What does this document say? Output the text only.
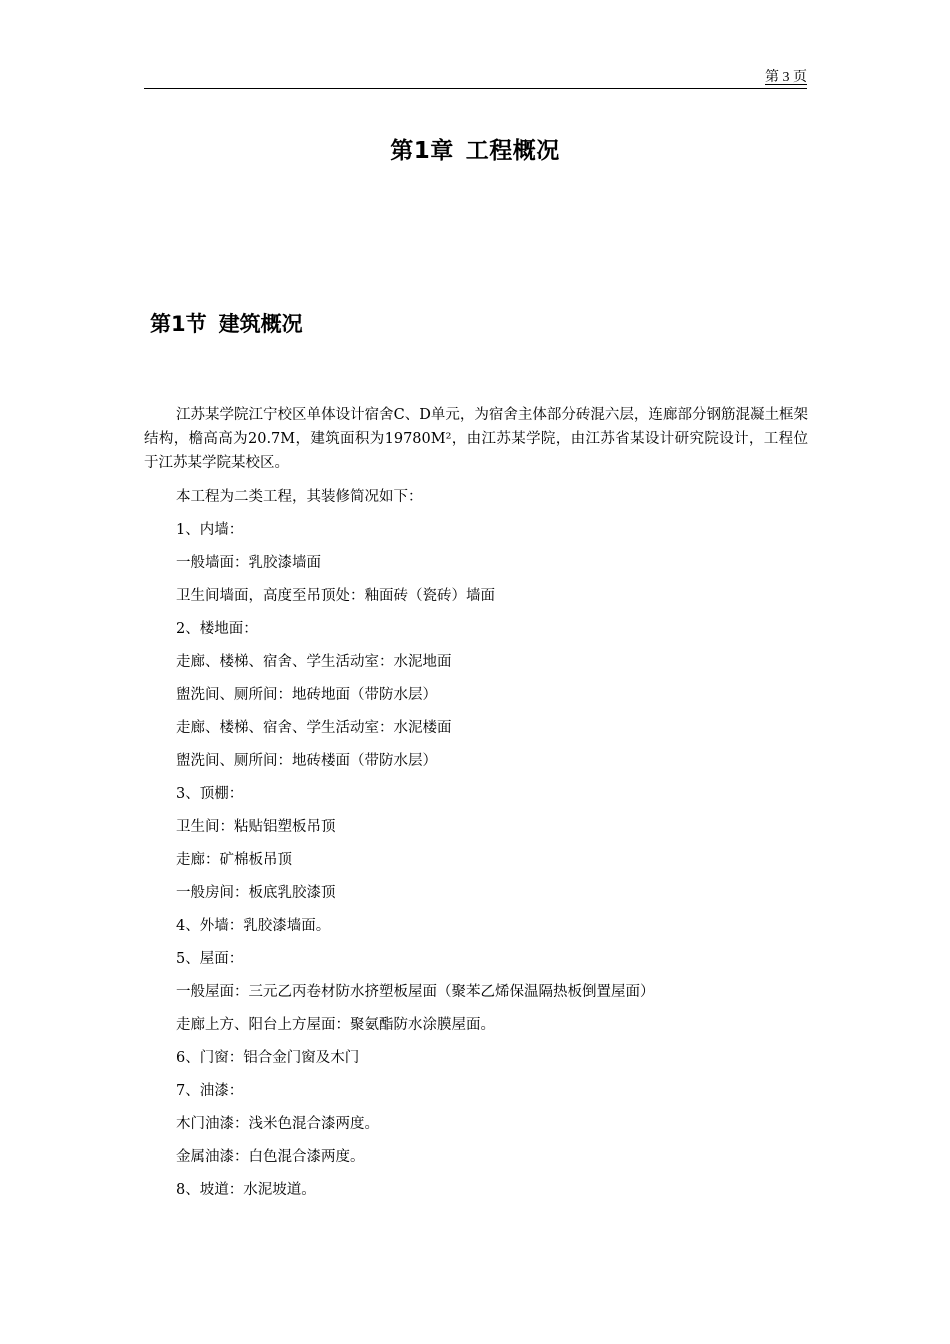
第 3 页
第1章 工程概况
第1节 建筑概况

江苏某学院江宁校区单体设计宿舍C、D单元，为宿舍主体部分砖混六层，连廊部分钢筋混凝土框架结构，檐高高为20.7M，建筑面积为19780M²，由江苏某学院，由江苏省某设计研究院设计，工程位于江苏某学院某校区。

本工程为二类工程，其装修简况如下：

1、内墙：

一般墙面：乳胶漆墙面

卫生间墙面，高度至吊顶处：釉面砖（瓷砖）墙面

2、楼地面：

走廊、楼梯、宿舍、学生活动室：水泥地面

盥洗间、厕所间：地砖地面（带防水层）

走廊、楼梯、宿舍、学生活动室：水泥楼面

盥洗间、厕所间：地砖楼面（带防水层）

3、顶棚：

卫生间：粘贴铝塑板吊顶

走廊：矿棉板吊顶

一般房间：板底乳胶漆顶

4、外墙：乳胶漆墙面。

5、屋面：

一般屋面：三元乙丙卷材防水挤塑板屋面（聚苯乙烯保温隔热板倒置屋面）

走廊上方、阳台上方屋面：聚氨酯防水涂膜屋面。

6、门窗：铝合金门窗及木门

7、油漆：

木门油漆：浅米色混合漆两度。

金属油漆：白色混合漆两度。

8、坡道：水泥坡道。
